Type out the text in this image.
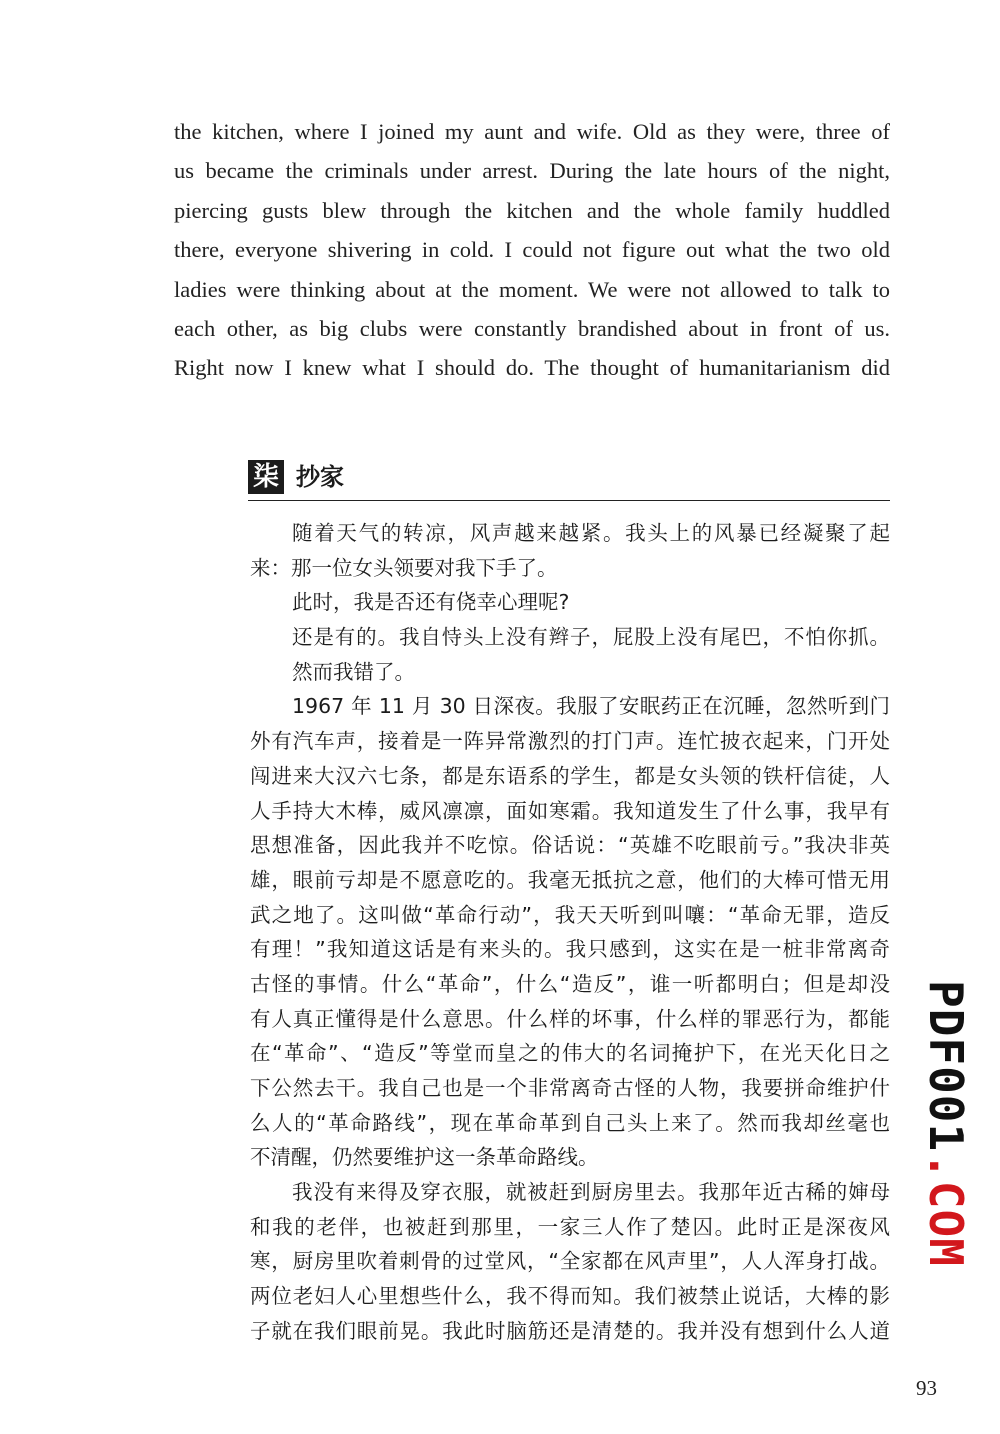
the kitchen, where I joined my aunt and wife. Old as they were, three of
us became the criminals under arrest. During the late hours of the night,
piercing gusts blew through the kitchen and the whole family huddled
there, everyone shivering in cold. I could not figure out what the two old
ladies were thinking about at the moment. We were not allowed to talk to
each other, as big clubs were constantly brandished about in front of us.
Right now I knew what I should do. The thought of humanitarianism did
柒 抄家
随着天气的转凉，风声越来越紧。我头上的风暴已经凝聚了起
来：那一位女头领要对我下手了。
此时，我是否还有侥幸心理呢?
还是有的。我自恃头上没有辫子，屁股上没有尾巴，不怕你抓。
然而我错了。
1967 年 11 月 30 日深夜。我服了安眠药正在沉睡，忽然听到门
外有汽车声，接着是一阵异常激烈的打门声。连忙披衣起来，门开处
闯进来大汉六七条，都是东语系的学生，都是女头领的铁杆信徒，人
人手持大木棒，威风凛凛，面如寒霜。我知道发生了什么事，我早有
思想准备，因此我并不吃惊。俗话说：“英雄不吃眼前亏。”我决非英
雄，眼前亏却是不愿意吃的。我毫无抵抗之意，他们的大棒可惜无用
武之地了。这叫做“革命行动”，我天天听到叫嚷：“革命无罪，造反
有理！”我知道这话是有来头的。我只感到，这实在是一桩非常离奇
古怪的事情。什么“革命”，什么“造反”，谁一听都明白；但是却没
有人真正懂得是什么意思。什么样的坏事，什么样的罪恶行为，都能
在“革命”、“造反”等堂而皇之的伟大的名词掩护下，在光天化日之
下公然去干。我自己也是一个非常离奇古怪的人物，我要拼命维护什
么人的“革命路线”，现在革命革到自己头上来了。然而我却丝毫也
不清醒，仍然要维护这一条革命路线。
我没有来得及穿衣服，就被赶到厨房里去。我那年近古稀的婶母
和我的老伴，也被赶到那里，一家三人作了楚囚。此时正是深夜风
寒，厨房里吹着刺骨的过堂风，“全家都在风声里”，人人浑身打战。
两位老妇人心里想些什么，我不得而知。我们被禁止说话，大棒的影
子就在我们眼前晃。我此时脑筋还是清楚的。我并没有想到什么人道
PDF001.COM
93
